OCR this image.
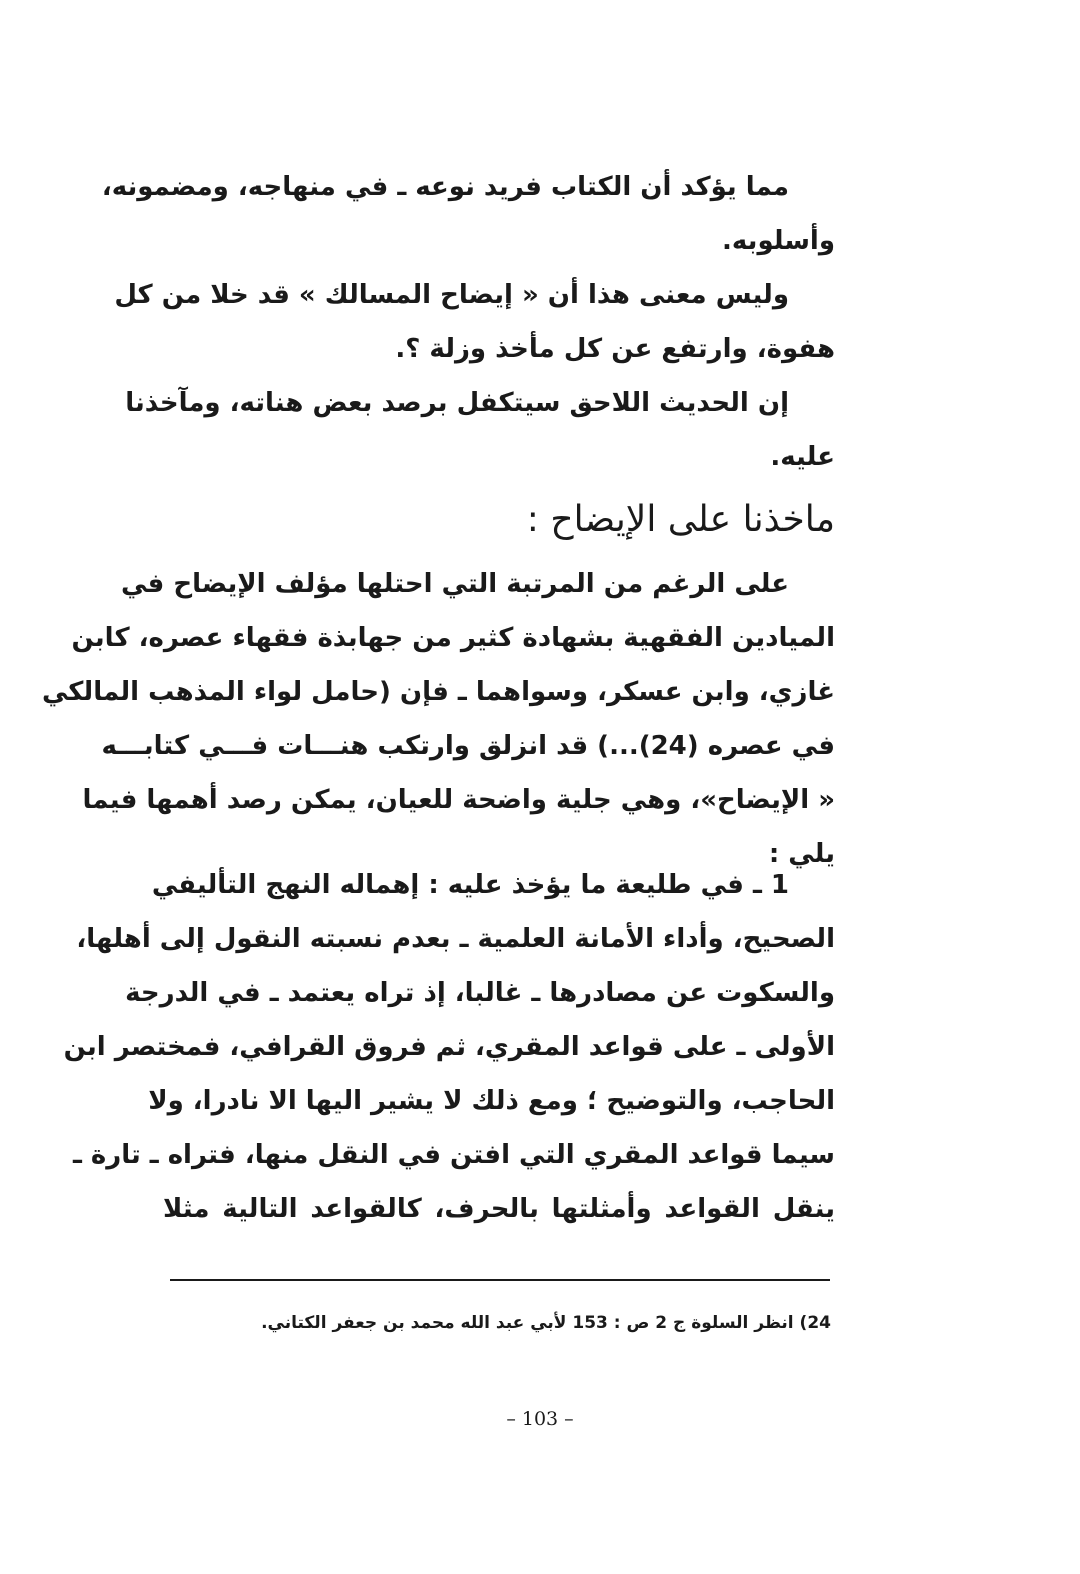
مما يؤكد أن الكتاب فريد نوعه ـ في منهاجه، ومضمونه،
وأسلوبه.
وليس معنى هذا أن « إيضاح المسالك » قد خلا من كل
هفوة، وارتفع عن كل مأخذ وزلة ؟.
إن الحديث اللاحق سيتكفل برصد بعض هناته، ومآخذنا
عليه.
ماخذنا على الإيضاح :
على الرغم من المرتبة التي احتلها مؤلف الإيضاح في
الميادين الفقهية بشهادة كثير من جهابذة فقهاء عصره، كابن
غازي، وابن عسكر، وسواهما ـ فإن (حامل لواء المذهب المالكي
في عصره (24)...) قد انزلق وارتكب هنـــات فـــي كتابـــه
« الإيضاح»، وهي جلية واضحة للعيان، يمكن رصد أهمها فيما
يلي :
1 ـ في طليعة ما يؤخذ عليه : إهماله النهج التأليفي
الصحيح، وأداء الأمانة العلمية ـ بعدم نسبته النقول إلى أهلها،
والسكوت عن مصادرها ـ غالبا، إذ تراه يعتمد ـ في الدرجة
الأولى ـ على قواعد المقري، ثم فروق القرافي، فمختصر ابن
الحاجب، والتوضيح ؛ ومع ذلك لا يشير اليها الا نادرا، ولا
سيما قواعد المقري التي افتن في النقل منها، فتراه ـ تارة ـ
ينقل القواعد وأمثلتها بالحرف، كالقواعد التالية مثلا
24) انظر السلوة ج 2 ص : 153 لأبي عبد الله محمد بن جعفر الكتاني.
– 103 –
